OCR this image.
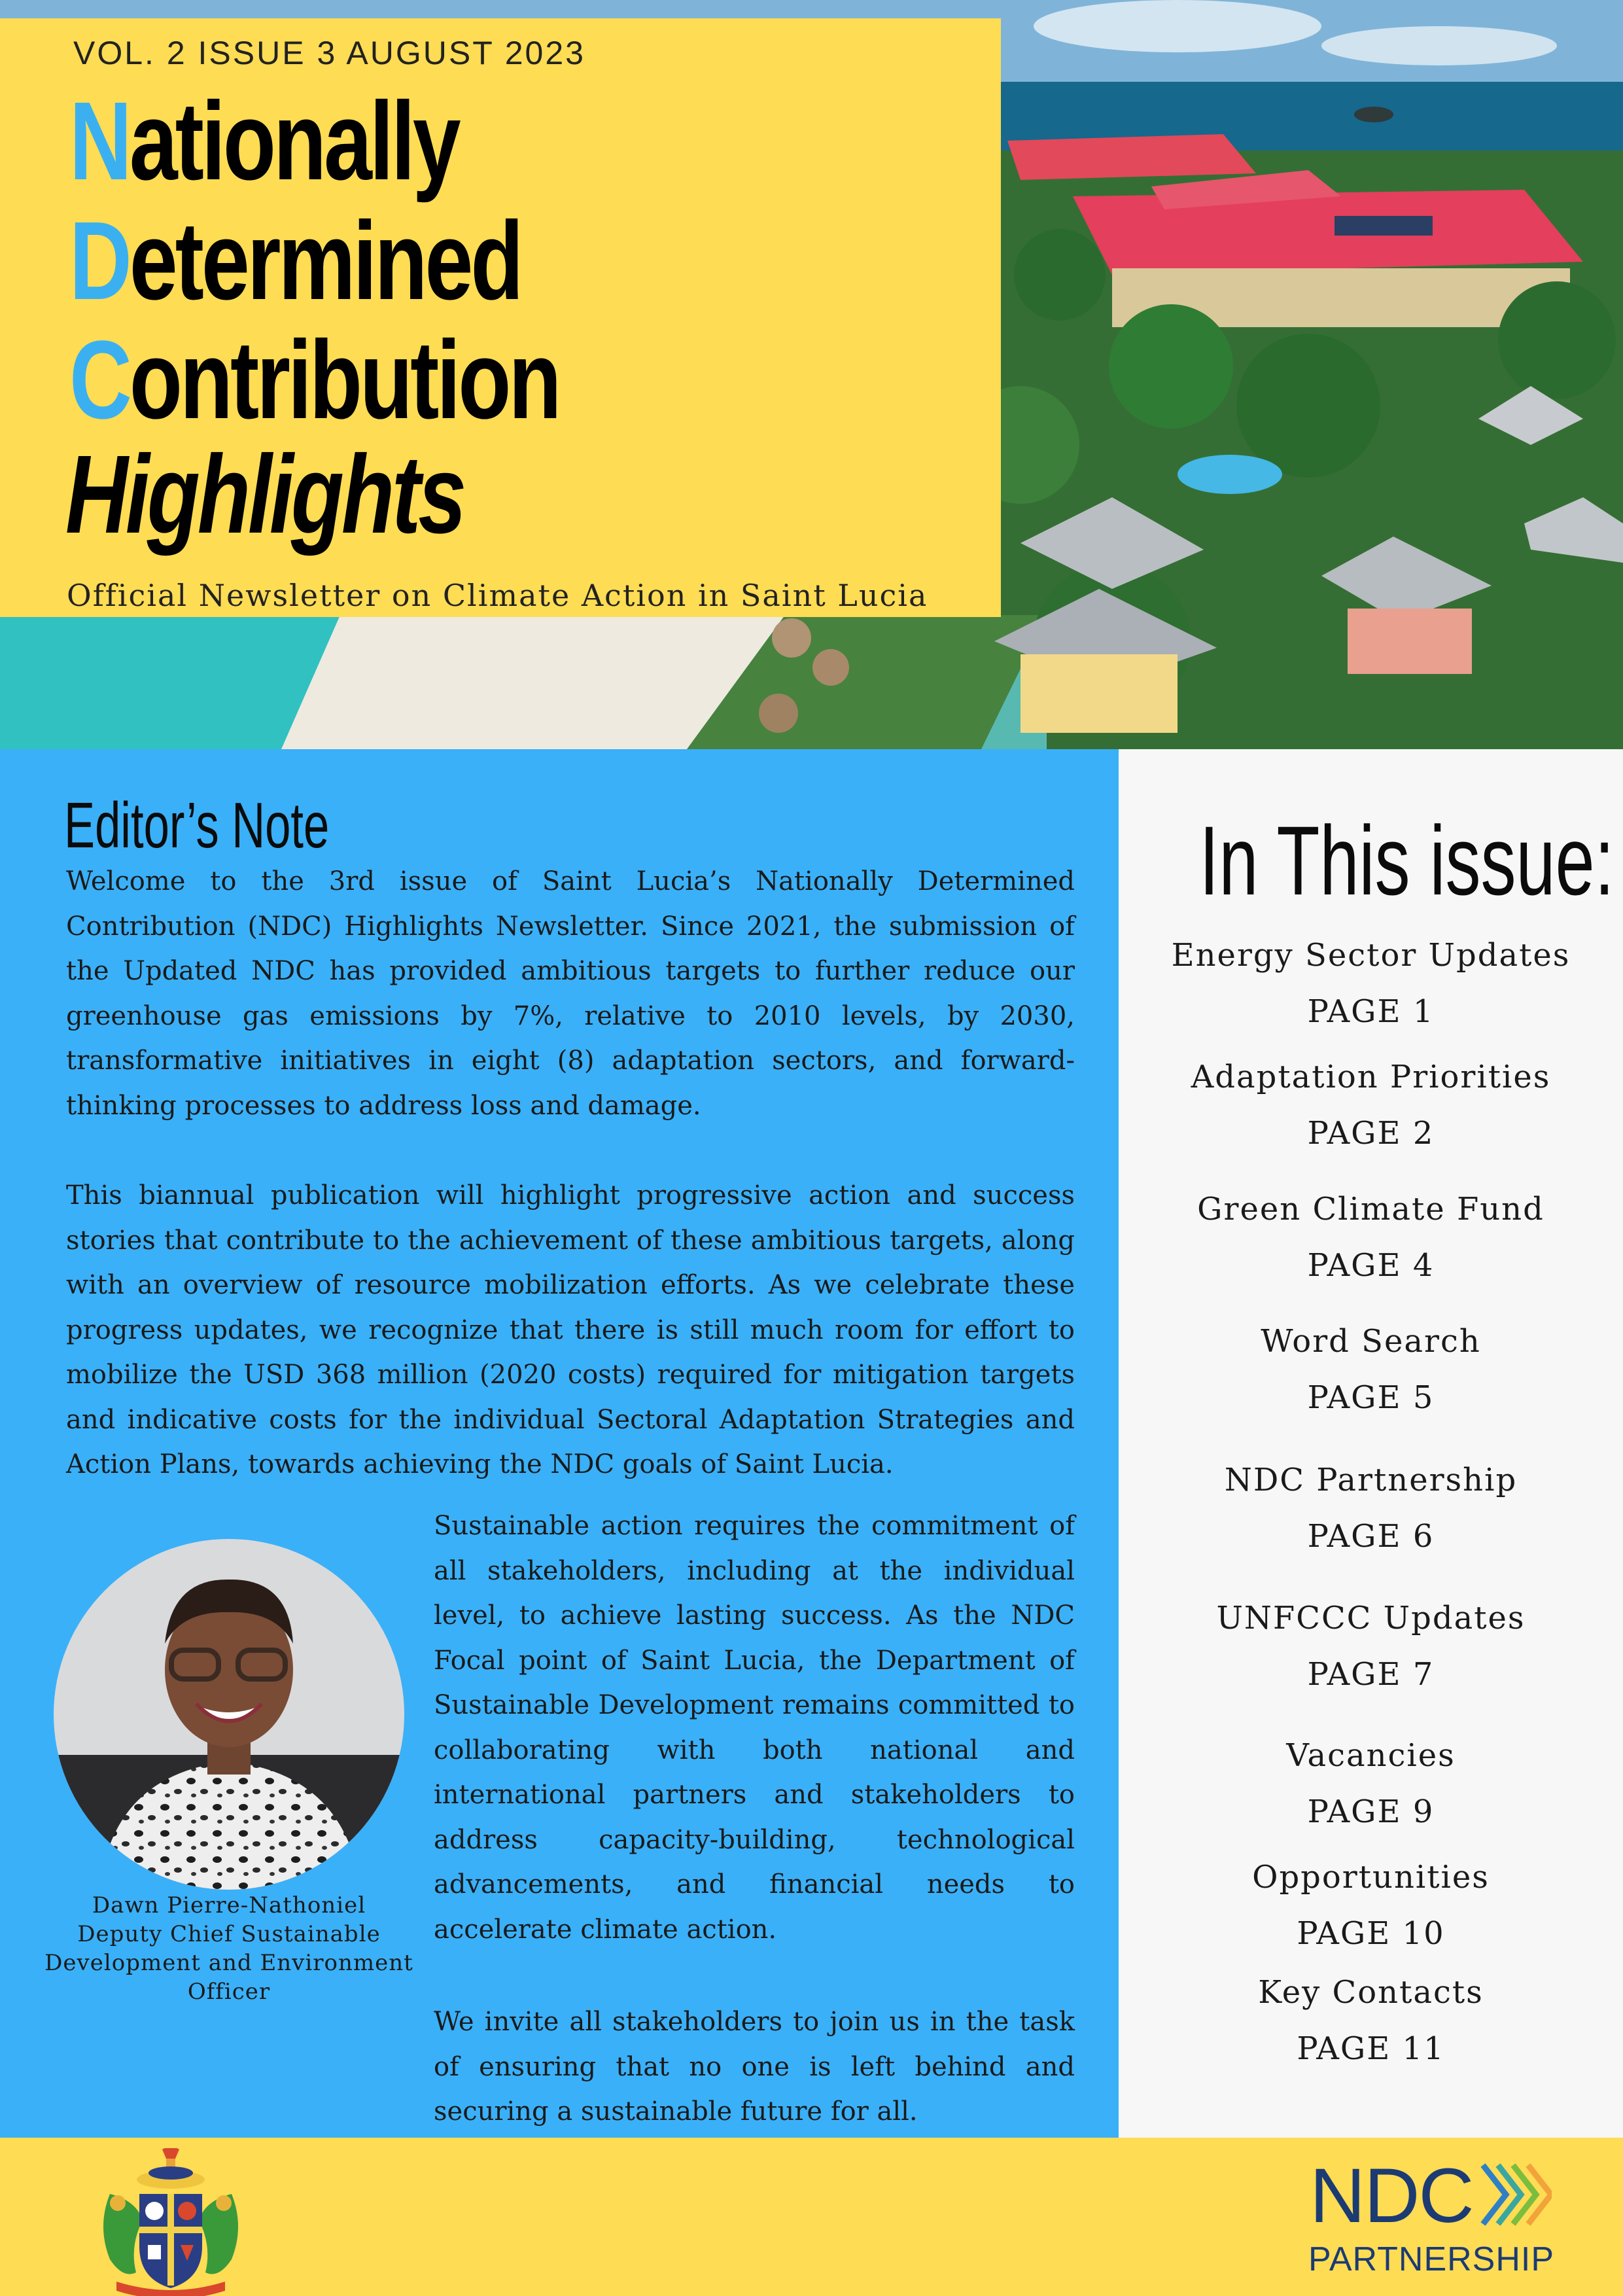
VOL. 2 ISSUE 3 AUGUST 2023
Nationally
Determined
Contribution
Highlights
Official Newsletter on Climate Action in Saint Lucia
Editor’s Note

Welcome to the 3rd issue of Saint Lucia’s Nationally Determined Contribution (NDC) Highlights Newsletter. Since 2021, the submission of the Updated NDC has provided ambitious targets to further reduce our greenhouse gas emissions by 7%, relative to 2010 levels, by 2030, transformative initiatives in eight (8) adaptation sectors, and forward-thinking processes to address loss and damage.

This biannual publication will highlight progressive action and success stories that contribute to the achievement of these ambitious targets, along with an overview of resource mobilization efforts. As we celebrate these progress updates, we recognize that there is still much room for effort to mobilize the USD 368 million (2020 costs) required for mitigation targets and indicative costs for the individual Sectoral Adaptation Strategies and Action Plans, towards achieving the NDC goals of Saint Lucia.

Dawn Pierre-Nathoniel
Deputy Chief Sustainable
Development and Environment
Officer

Sustainable action requires the commitment of all stakeholders, including at the individual level, to achieve lasting success. As the NDC Focal point of Saint Lucia, the Department of Sustainable Development remains committed to collaborating with both national and international partners and stakeholders to address capacity-building, technological advancements, and financial needs to accelerate climate action.

We invite all stakeholders to join us in the task of ensuring that no one is left behind and securing a sustainable future for all.

In This issue:
Energy Sector Updates
PAGE 1
Adaptation Priorities
PAGE 2
Green Climate Fund
PAGE 4
Word Search
PAGE 5
NDC Partnership
PAGE 6
UNFCCC Updates
PAGE 7
Vacancies
PAGE 9
Opportunities
PAGE 10
Key Contacts
PAGE 11
NDC
PARTNERSHIP
